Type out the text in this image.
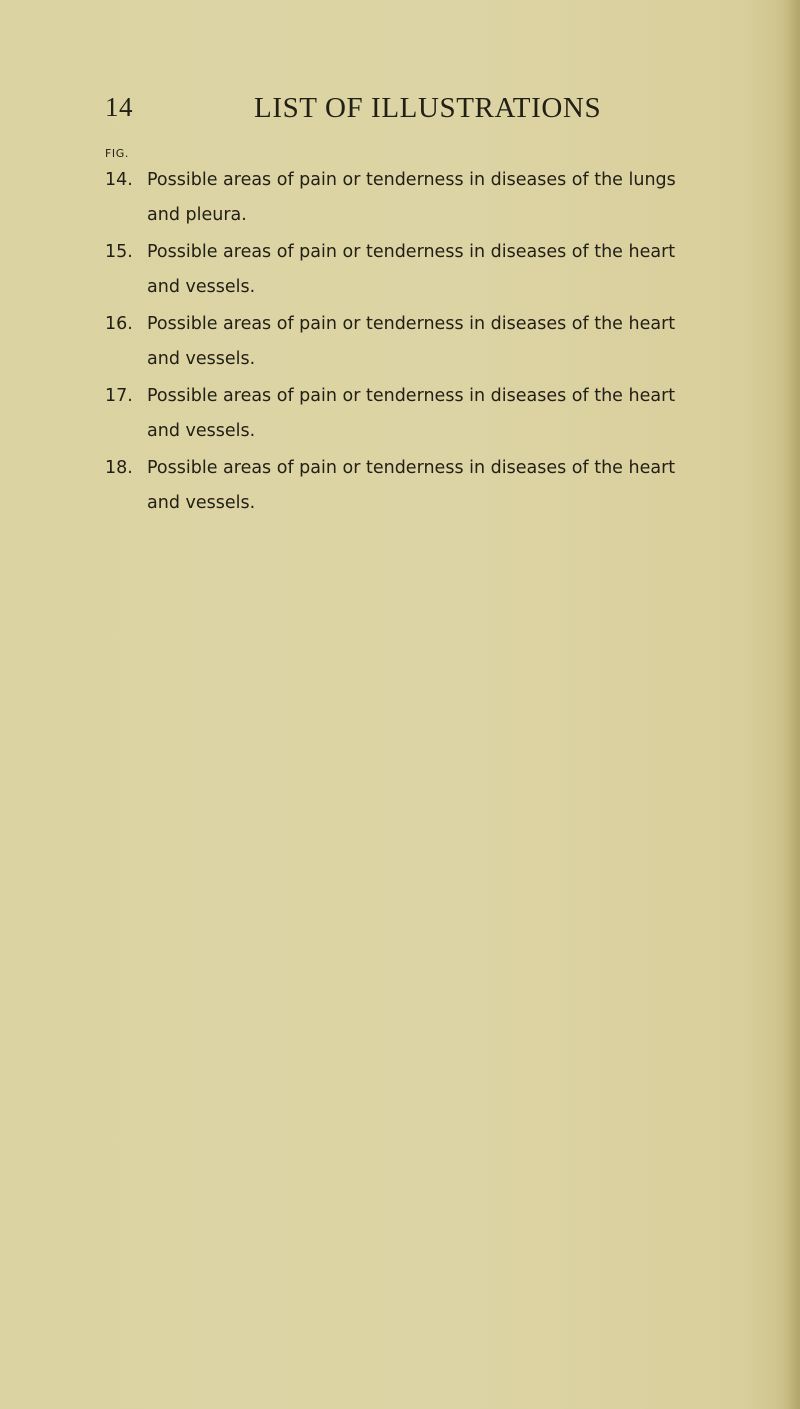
14	LIST OF ILLUSTRATIONS
FIG.
14. Possible areas of pain or tenderness in diseases of the lungs and pleura.
15. Possible areas of pain or tenderness in diseases of the heart and vessels.
16. Possible areas of pain or tenderness in diseases of the heart and vessels.
17. Possible areas of pain or tenderness in diseases of the heart and vessels.
18. Possible areas of pain or tenderness in diseases of the heart and vessels.
